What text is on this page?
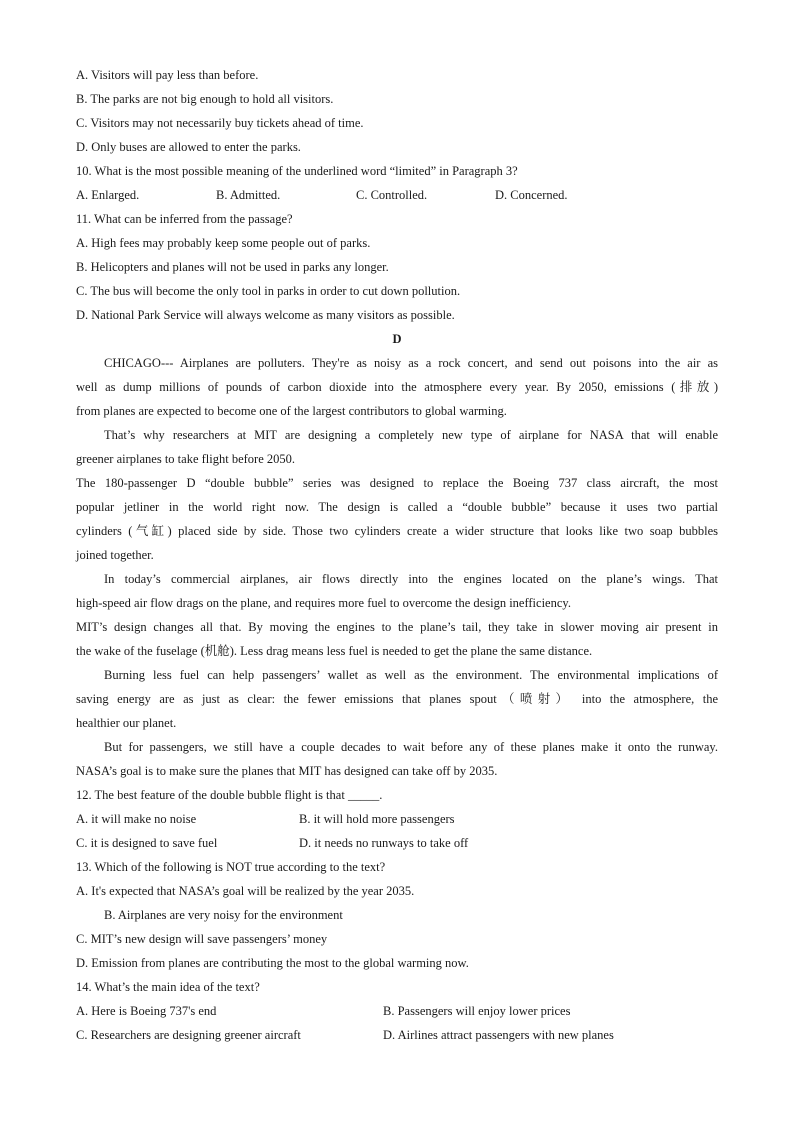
A. Visitors will pay less than before.
B. The parks are not big enough to hold all visitors.
C. Visitors may not necessarily buy tickets ahead of time.
D. Only buses are allowed to enter the parks.
10. What is the most possible meaning of the underlined word “limited” in Paragraph 3?
A. Enlarged.	B. Admitted.	C. Controlled.	D. Concerned.
11. What can be inferred from the passage?
A. High fees may probably keep some people out of parks.
B. Helicopters and planes will not be used in parks any longer.
C. The bus will become the only tool in parks in order to cut down pollution.
D. National Park Service will always welcome as many visitors as possible.
D
CHICAGO--- Airplanes are polluters. They're as noisy as a rock concert, and send out poisons into the air as
well as dump millions of pounds of carbon dioxide into the atmosphere every year. By 2050, emissions (排放)
from planes are expected to become one of the largest contributors to global warming.
That’s why researchers at MIT are designing a completely new type of airplane for NASA that will enable
greener airplanes to take flight before 2050.
The 180-passenger D “double bubble” series was designed to replace the Boeing 737 class aircraft, the most
popular jetliner in the world right now. The design is called a “double bubble” because it uses two partial
cylinders (气缸) placed side by side. Those two cylinders create a wider structure that looks like two soap bubbles
joined together.
In today’s commercial airplanes, air flows directly into the engines located on the plane’s wings. That
high-speed air flow drags on the plane, and requires more fuel to overcome the design inefficiency.
MIT’s design changes all that. By moving the engines to the plane’s tail, they take in slower moving air present in
the wake of the fuselage (机舱). Less drag means less fuel is needed to get the plane the same distance.
Burning less fuel can help passengers’ wallet as well as the environment. The environmental implications of
saving energy are as just as clear: the fewer emissions that planes spout（喷射） into the atmosphere, the
healthier our planet.
But for passengers, we still have a couple decades to wait before any of these planes make it onto the runway.
NASA’s goal is to make sure the planes that MIT has designed can take off by 2035.
12. The best feature of the double bubble flight is that _____.
A. it will make no noise	B. it will hold more passengers
C. it is designed to save fuel	D. it needs no runways to take off
13. Which of the following is NOT true according to the text?
A. It's expected that NASA’s goal will be realized by the year 2035.
B. Airplanes are very noisy for the environment
C. MIT’s new design will save passengers’ money
D. Emission from planes are contributing the most to the global warming now.
14. What’s the main idea of the text?
A. Here is Boeing 737's end	B. Passengers will enjoy lower prices
C. Researchers are designing greener aircraft	D. Airlines attract passengers with new planes
